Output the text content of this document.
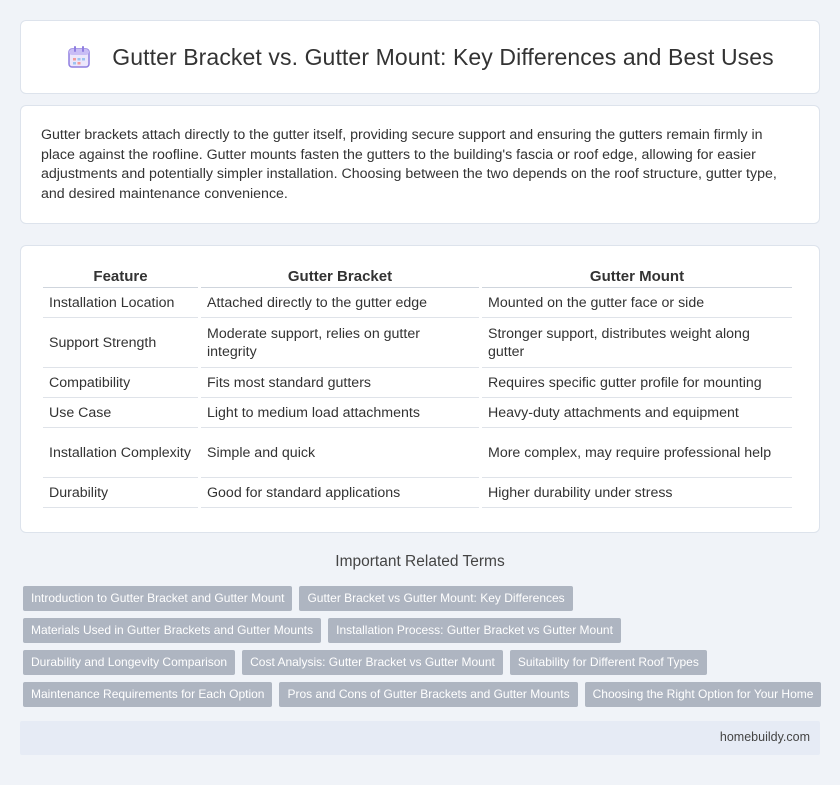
Gutter Bracket vs. Gutter Mount: Key Differences and Best Uses

Gutter brackets attach directly to the gutter itself, providing secure support and ensuring the gutters remain firmly in place against the roofline. Gutter mounts fasten the gutters to the building's fascia or roof edge, allowing for easier adjustments and potentially simpler installation. Choosing between the two depends on the roof structure, gutter type, and desired maintenance convenience.

Feature	Gutter Bracket	Gutter Mount
Installation Location	Attached directly to the gutter edge	Mounted on the gutter face or side
Support Strength	Moderate support, relies on gutter integrity	Stronger support, distributes weight along gutter
Compatibility	Fits most standard gutters	Requires specific gutter profile for mounting
Use Case	Light to medium load attachments	Heavy-duty attachments and equipment
Installation Complexity	Simple and quick	More complex, may require professional help
Durability	Good for standard applications	Higher durability under stress
Important Related Terms
Introduction to Gutter Bracket and Gutter Mount	Gutter Bracket vs Gutter Mount: Key Differences
Materials Used in Gutter Brackets and Gutter Mounts	Installation Process: Gutter Bracket vs Gutter Mount
Durability and Longevity Comparison	Cost Analysis: Gutter Bracket vs Gutter Mount	Suitability for Different Roof Types
Maintenance Requirements for Each Option	Pros and Cons of Gutter Brackets and Gutter Mounts	Choosing the Right Option for Your Home
homebuildy.com
